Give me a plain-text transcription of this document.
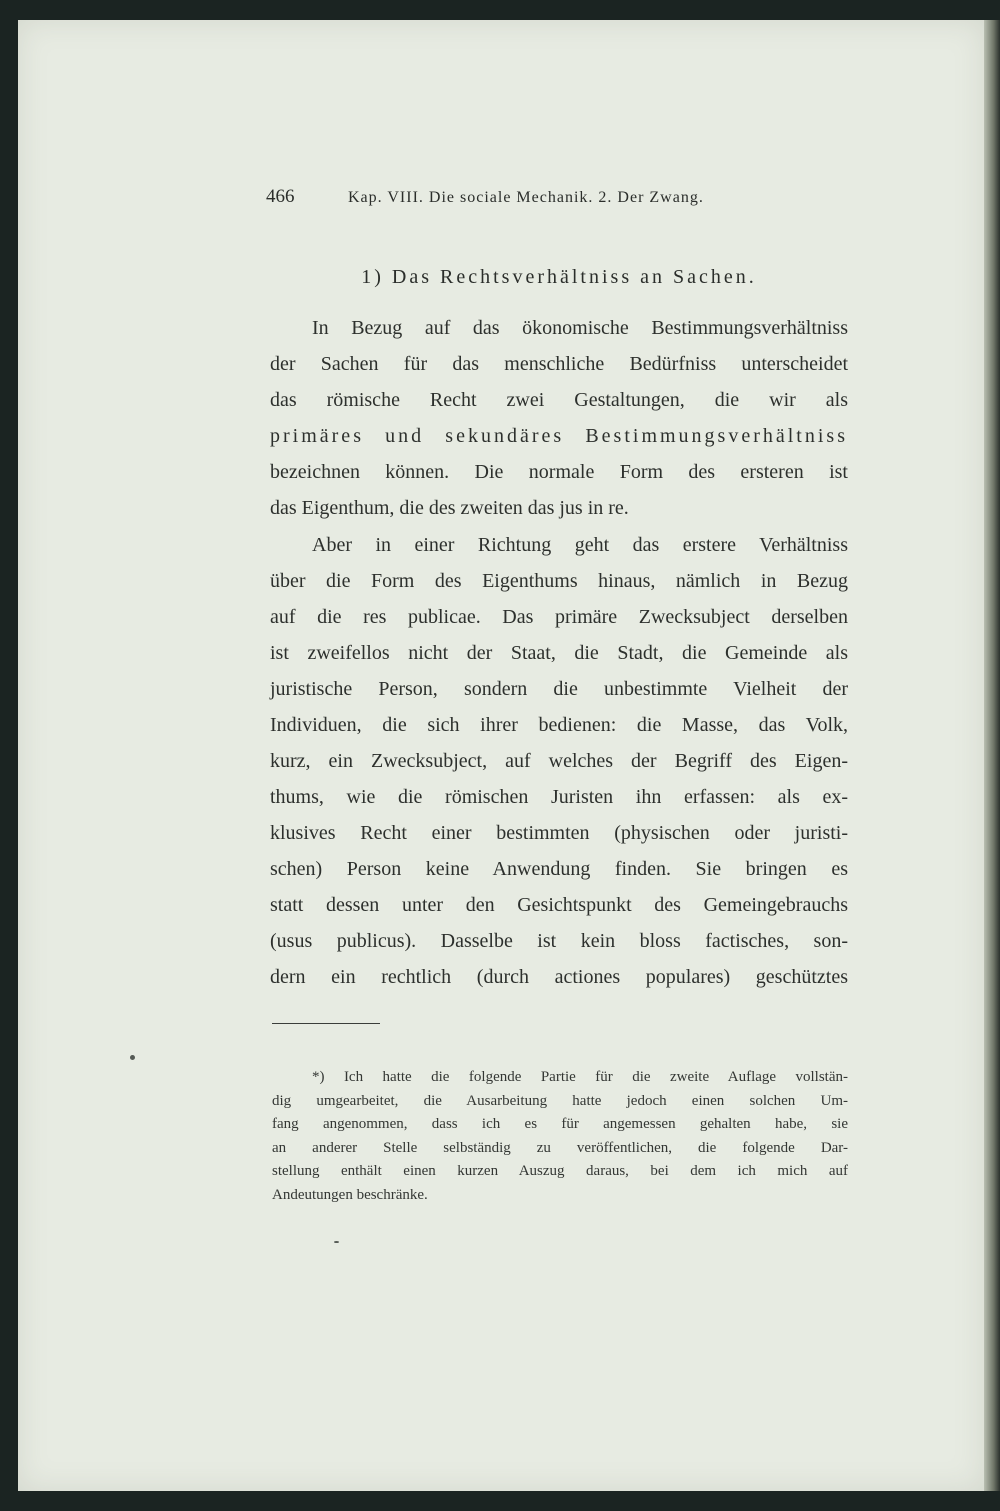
466	Kap. VIII. Die sociale Mechanik. 2. Der Zwang.
1) Das Rechtsverhältniss an Sachen.
In Bezug auf das ökonomische Bestimmungsverhältniss
der Sachen für das menschliche Bedürfniss unterscheidet
das römische Recht zwei Gestaltungen, die wir als
primäres und sekundäres Bestimmungsverhältniss
bezeichnen können. Die normale Form des ersteren ist
das Eigenthum, die des zweiten das jus in re.
Aber in einer Richtung geht das erstere Verhältniss
über die Form des Eigenthums hinaus, nämlich in Bezug
auf die res publicae. Das primäre Zwecksubject derselben
ist zweifellos nicht der Staat, die Stadt, die Gemeinde als
juristische Person, sondern die unbestimmte Vielheit der
Individuen, die sich ihrer bedienen: die Masse, das Volk,
kurz, ein Zwecksubject, auf welches der Begriff des Eigen-
thums, wie die römischen Juristen ihn erfassen: als ex-
klusives Recht einer bestimmten (physischen oder juristi-
schen) Person keine Anwendung finden. Sie bringen es
statt dessen unter den Gesichtspunkt des Gemeingebrauchs
(usus publicus). Dasselbe ist kein bloss factisches, son-
dern ein rechtlich (durch actiones populares) geschütztes
*) Ich hatte die folgende Partie für die zweite Auflage vollstän-
dig umgearbeitet, die Ausarbeitung hatte jedoch einen solchen Um-
fang angenommen, dass ich es für angemessen gehalten habe, sie
an anderer Stelle selbständig zu veröffentlichen, die folgende Dar-
stellung enthält einen kurzen Auszug daraus, bei dem ich mich auf
Andeutungen beschränke.
